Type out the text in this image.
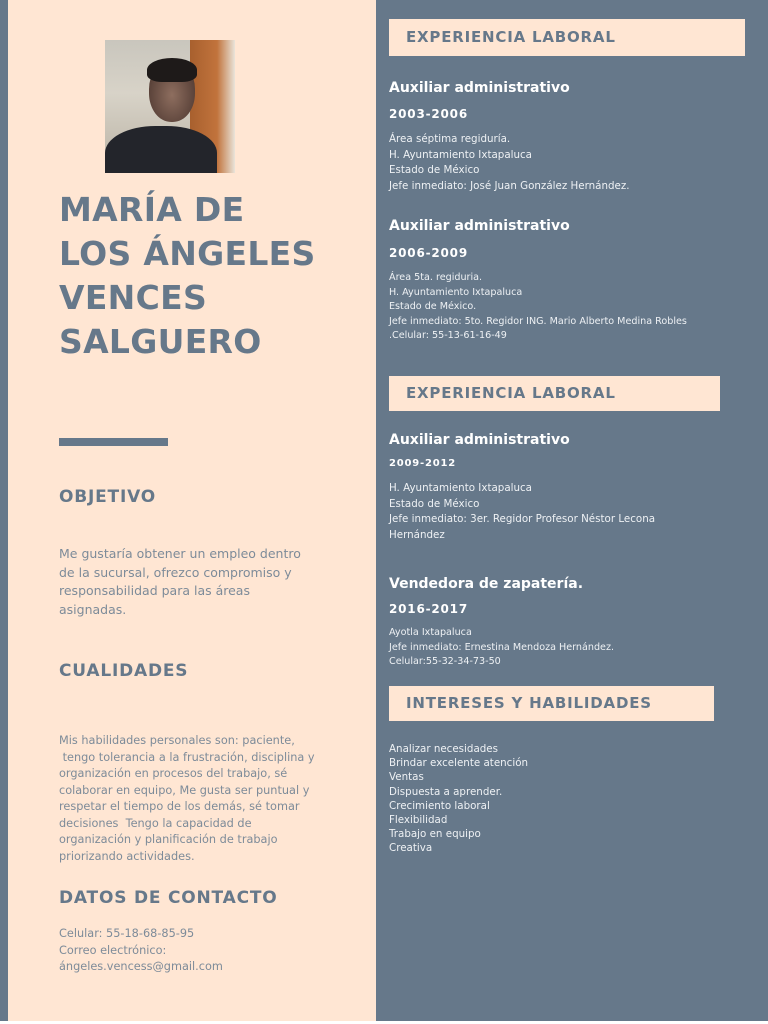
MARÍA DE
LOS ÁNGELES
VENCES
SALGUERO
OBJETIVO

Me gustaría obtener un empleo dentro
de la sucursal, ofrezco compromiso y
responsabilidad para las áreas
asignadas.

CUALIDADES

Mis habilidades personales son: paciente,
tengo tolerancia a la frustración, disciplina y
organización en procesos del trabajo, sé
colaborar en equipo, Me gusta ser puntual y
respetar el tiempo de los demás, sé tomar
decisiones  Tengo la capacidad de
organización y planificación de trabajo
priorizando actividades.

DATOS DE CONTACTO

Celular: 55-18-68-85-95
Correo electrónico:
ángeles.vencess@gmail.com

EXPERIENCIA LABORAL
Auxiliar administrativo

2003-2006

Área séptima regiduría.
H. Ayuntamiento Ixtapaluca
Estado de México
Jefe inmediato: José Juan González Hernández.

Auxiliar administrativo

2006-2009

Área 5ta. regiduria.
H. Ayuntamiento Ixtapaluca
Estado de México.
Jefe inmediato: 5to. Regidor ING. Mario Alberto Medina Robles
.Celular: 55-13-61-16-49

EXPERIENCIA LABORAL
Auxiliar administrativo

2009-2012

H. Ayuntamiento Ixtapaluca
Estado de México
Jefe inmediato: 3er. Regidor Profesor Néstor Lecona
Hernández

Vendedora de zapatería.

2016-2017

Ayotla Ixtapaluca
Jefe inmediato: Ernestina Mendoza Hernández.
Celular:55-32-34-73-50

INTERESES Y HABILIDADES
Analizar necesidades
Brindar excelente atención
Ventas
Dispuesta a aprender.
Crecimiento laboral
Flexibilidad
Trabajo en equipo
Creativa
